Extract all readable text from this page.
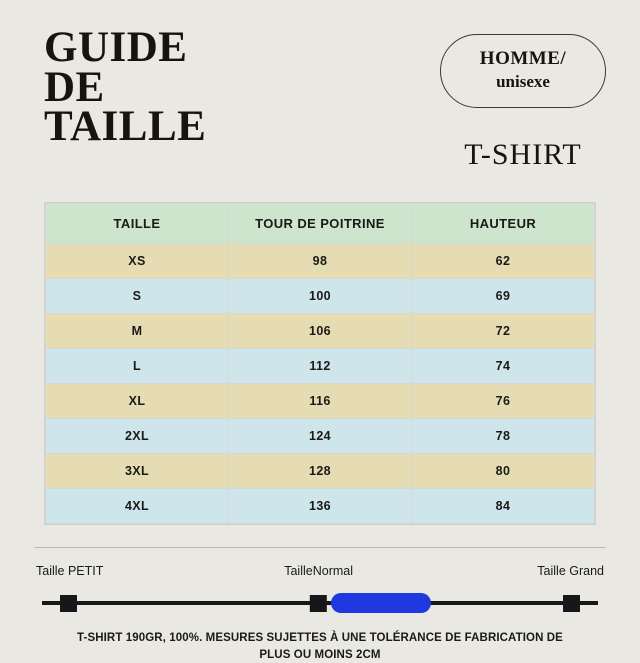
GUIDE
DE
TAILLE
HOMME/
unisexe
T-SHIRT
TAILLE	TOUR DE POITRINE	HAUTEUR
XS	98	62
S	100	69
M	106	72
L	112	74
XL	116	76
2XL	124	78
3XL	128	80
4XL	136	84
Taille PETIT	TailleNormal	Taille Grand
T-SHIRT 190GR, 100%. MESURES SUJETTES À UNE TOLÉRANCE DE FABRICATION DE
PLUS OU MOINS 2CM
